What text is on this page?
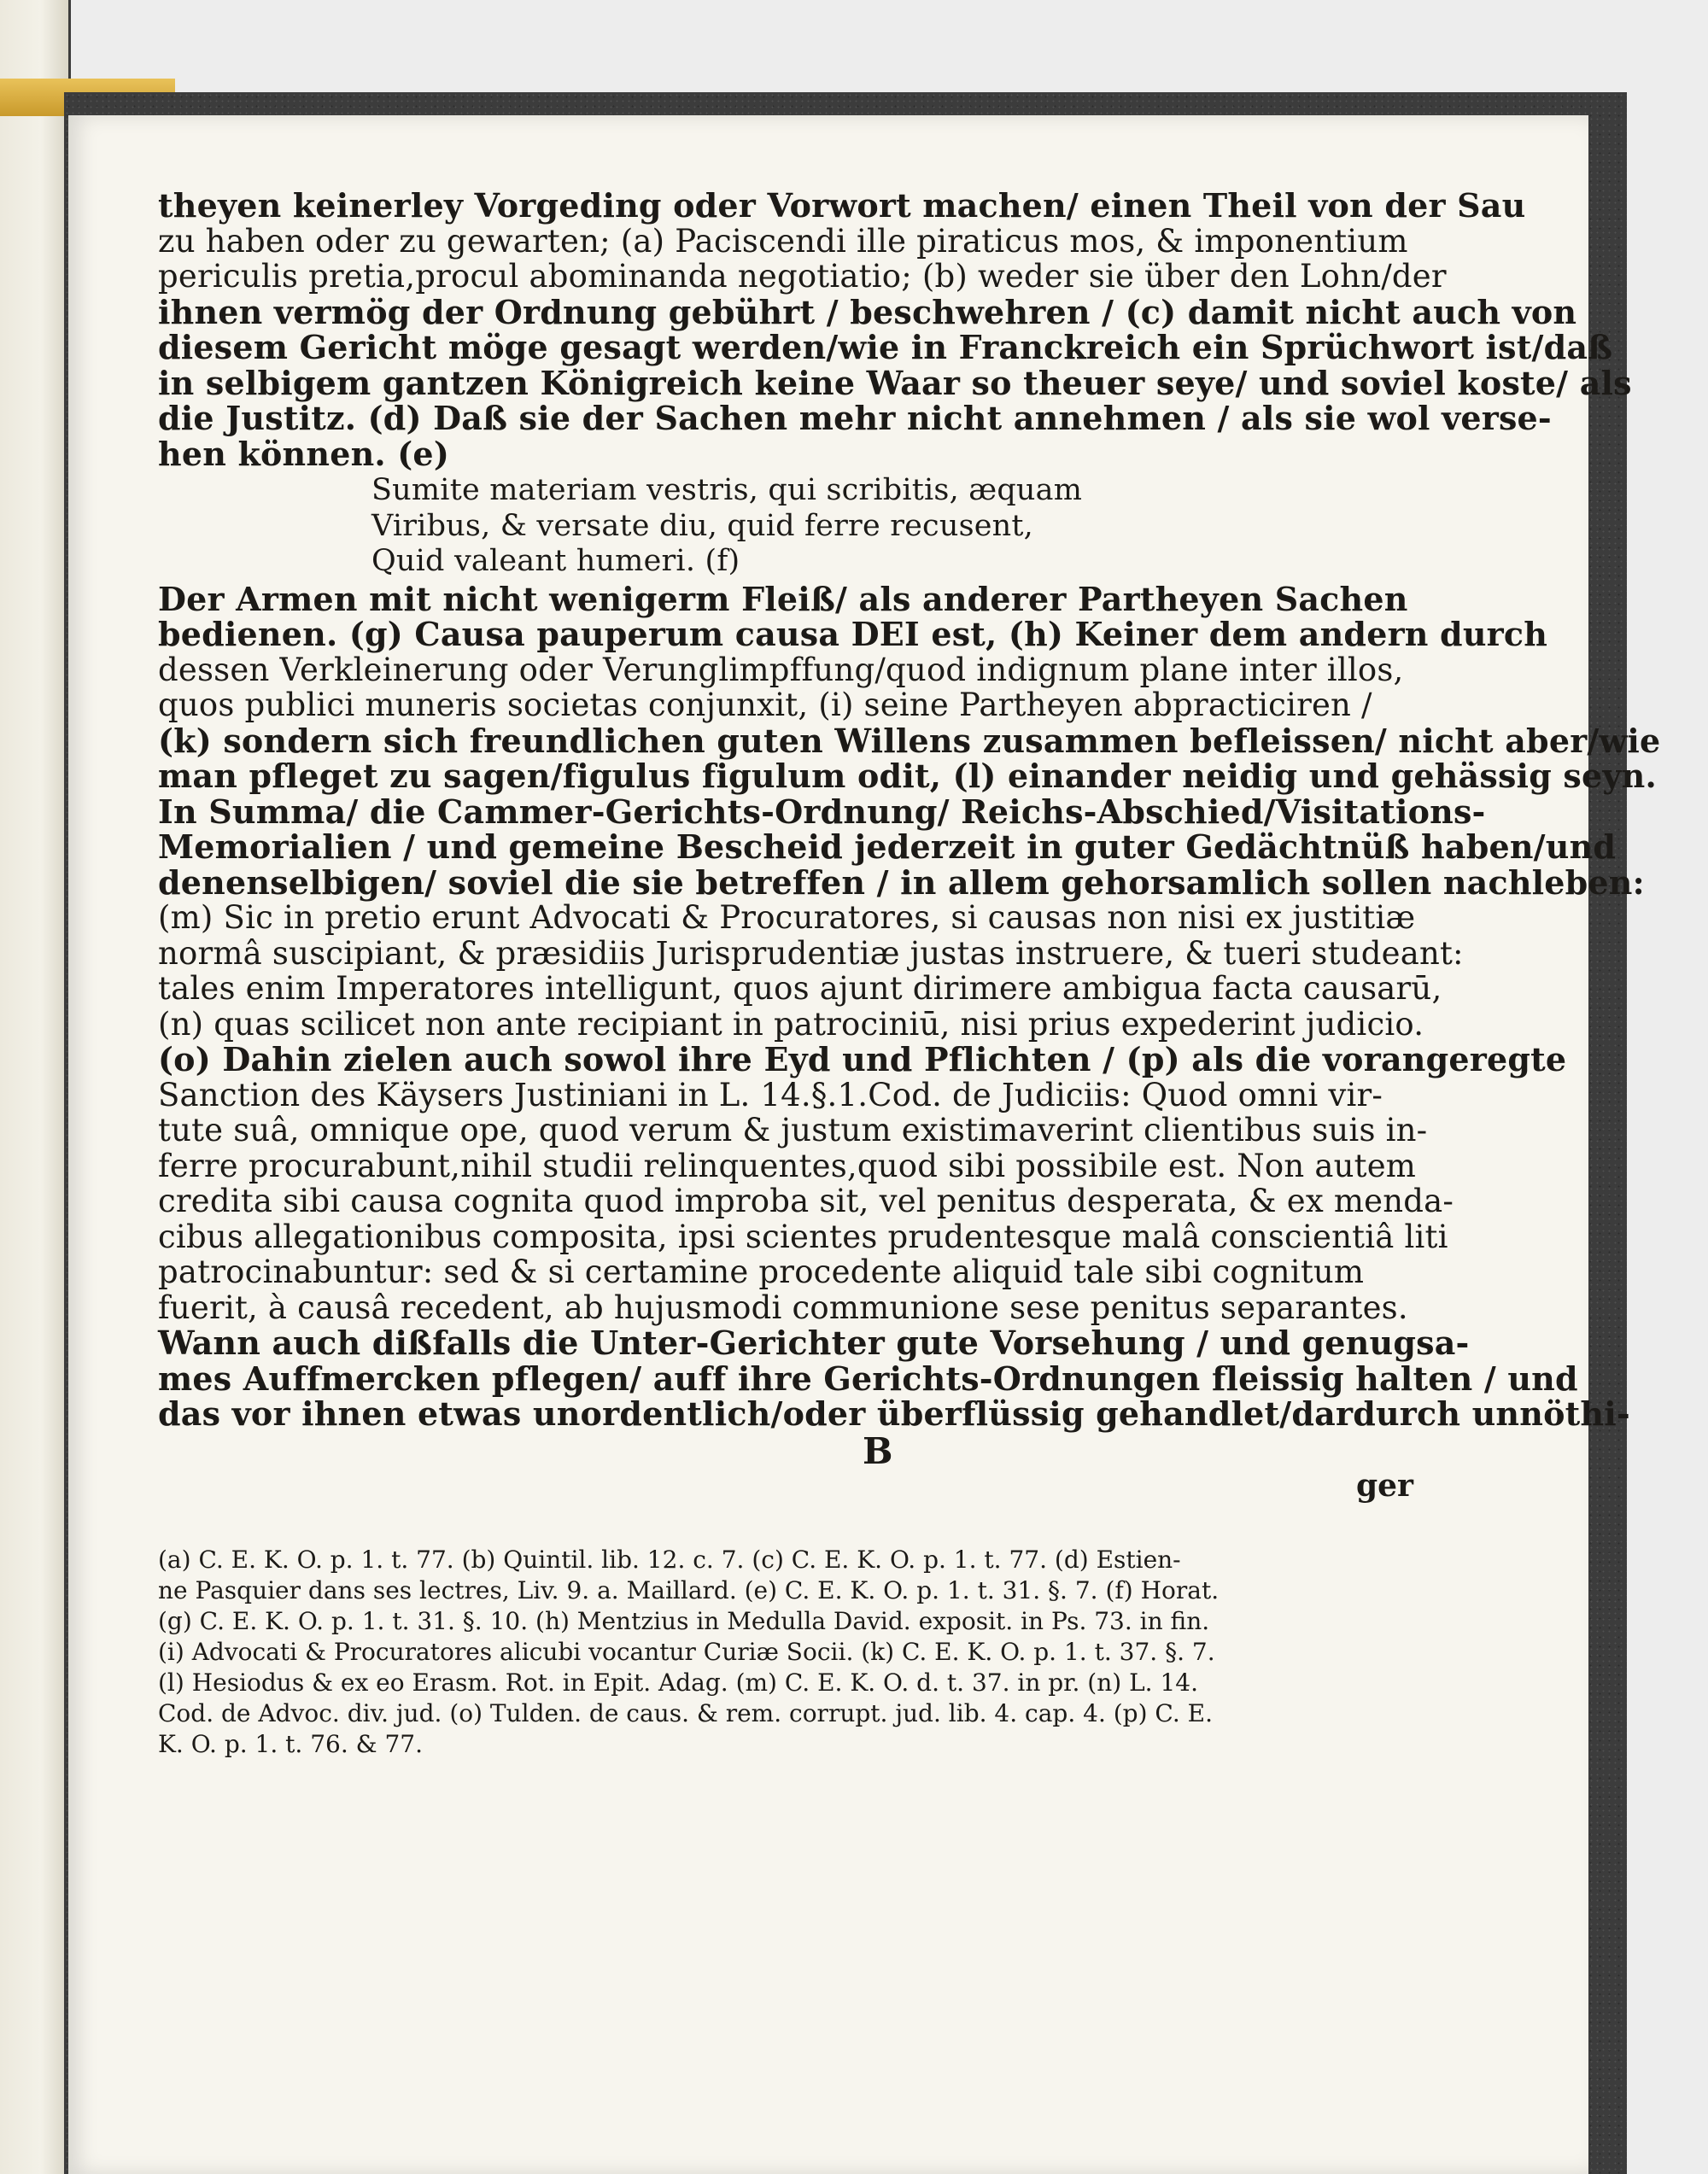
theyen keinerley Vorgeding oder Vorwort machen/ einen Theil von der Sau
zu haben oder zu gewarten; (a) Paciscendi ille piraticus mos, & imponentium
periculis pretia,procul abominanda negotiatio; (b) weder sie über den Lohn/der
ihnen vermög der Ordnung gebührt / beschwehren / (c) damit nicht auch von
diesem Gericht möge gesagt werden/wie in Franckreich ein Sprüchwort ist/daß
in selbigem gantzen Königreich keine Waar so theuer seye/ und soviel koste/ als
die Justitz. (d) Daß sie der Sachen mehr nicht annehmen / als sie wol verse-
hen können. (e)
Sumite materiam vestris, qui scribitis, æquam
Viribus, & versate diu, quid ferre recusent,
Quid valeant humeri. (f)
Der Armen mit nicht wenigerm Fleiß/ als anderer Partheyen Sachen
bedienen. (g) Causa pauperum causa DEI est, (h) Keiner dem andern durch
dessen Verkleinerung oder Verunglimpffung/quod indignum plane inter illos,
quos publici muneris societas conjunxit, (i) seine Partheyen abpracticiren /
(k) sondern sich freundlichen guten Willens zusammen befleissen/ nicht aber/wie
man pfleget zu sagen/figulus figulum odit, (l) einander neidig und gehässig seyn.
In Summa/ die Cammer-Gerichts-Ordnung/ Reichs-Abschied/Visitations-
Memorialien / und gemeine Bescheid jederzeit in guter Gedächtnüß haben/und
denenselbigen/ soviel die sie betreffen / in allem gehorsamlich sollen nachleben:
(m) Sic in pretio erunt Advocati & Procuratores, si causas non nisi ex justitiæ
normâ suscipiant, & præsidiis Jurisprudentiæ justas instruere, & tueri studeant:
tales enim Imperatores intelligunt, quos ajunt dirimere ambigua facta causarū,
(n) quas scilicet non ante recipiant in patrociniū, nisi prius expederint judicio.
(o) Dahin zielen auch sowol ihre Eyd und Pflichten / (p) als die vorangeregte
Sanction des Käysers Justiniani in L. 14.§.1.Cod. de Judiciis: Quod omni vir-
tute suâ, omnique ope, quod verum & justum existimaverint clientibus suis in-
ferre procurabunt,nihil studii relinquentes,quod sibi possibile est. Non autem
credita sibi causa cognita quod improba sit, vel penitus desperata, & ex menda-
cibus allegationibus composita, ipsi scientes prudentesque malâ conscientiâ liti
patrocinabuntur: sed & si certamine procedente aliquid tale sibi cognitum
fuerit, à causâ recedent, ab hujusmodi communione sese penitus separantes.
Wann auch dißfalls die Unter-Gerichter gute Vorsehung / und genugsa-
mes Auffmercken pflegen/ auff ihre Gerichts-Ordnungen fleissig halten / und
das vor ihnen etwas unordentlich/oder überflüssig gehandlet/dardurch unnöthi-
B
ger
(a) C. E. K. O. p. 1. t. 77. (b) Quintil. lib. 12. c. 7. (c) C. E. K. O. p. 1. t. 77. (d) Estien-
ne Pasquier dans ses lectres, Liv. 9. a. Maillard. (e) C. E. K. O. p. 1. t. 31. §. 7. (f) Horat.
(g) C. E. K. O. p. 1. t. 31. §. 10. (h) Mentzius in Medulla David. exposit. in Ps. 73. in fin.
(i) Advocati & Procuratores alicubi vocantur Curiæ Socii. (k) C. E. K. O. p. 1. t. 37. §. 7.
(l) Hesiodus & ex eo Erasm. Rot. in Epit. Adag. (m) C. E. K. O. d. t. 37. in pr. (n) L. 14.
Cod. de Advoc. div. jud. (o) Tulden. de caus. & rem. corrupt. jud. lib. 4. cap. 4. (p) C. E.
K. O. p. 1. t. 76. & 77.
